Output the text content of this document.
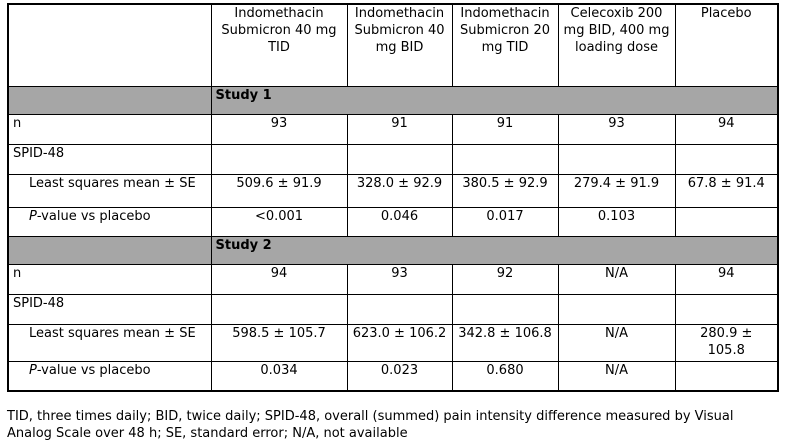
	Indomethacin Submicron 40 mg TID	Indomethacin Submicron 40 mg BID	Indomethacin Submicron 20 mg TID	Celecoxib 200 mg BID, 400 mg loading dose	Placebo
	Study 1				
n	93	91	91	93	94
SPID-48					
Least squares mean ± SE	509.6 ± 91.9	328.0 ± 92.9	380.5 ± 92.9	279.4 ± 91.9	67.8 ± 91.4
P-value vs placebo	<0.001	0.046	0.017	0.103	
	Study 2				
n	94	93	92	N/A	94
SPID-48					
Least squares mean ± SE	598.5 ± 105.7	623.0 ± 106.2	342.8 ± 106.8	N/A	280.9 ± 105.8
P-value vs placebo	0.034	0.023	0.680	N/A	
TID, three times daily; BID, twice daily; SPID-48, overall (summed) pain intensity difference measured by Visual Analog Scale over 48 h; SE, standard error; N/A, not available
